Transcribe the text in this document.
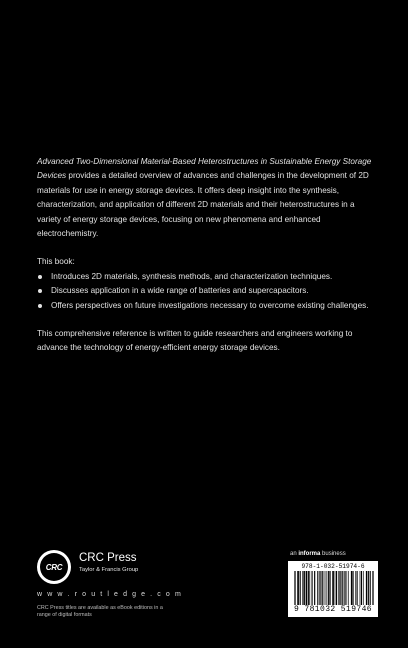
Advanced Two-Dimensional Material-Based Heterostructures in Sustainable Energy Storage Devices provides a detailed overview of advances and challenges in the development of 2D materials for use in energy storage devices. It offers deep insight into the synthesis, characterization, and application of different 2D materials and their heterostructures in a variety of energy storage devices, focusing on new phenomena and enhanced electrochemistry.

This book:

Introduces 2D materials, synthesis methods, and characterization techniques.
Discusses application in a wide range of batteries and supercapacitors.
Offers perspectives on future investigations necessary to overcome existing challenges.

This comprehensive reference is written to guide researchers and engineers working to advance the technology of energy-efficient energy storage devices.

CRC
CRC Press
Taylor & Francis Group
w w w . r o u t l e d g e . c o m
CRC Press titles are available as eBook editions in a range of digital formats
an informa business
978-1-032-51974-6
9 781032 519746
